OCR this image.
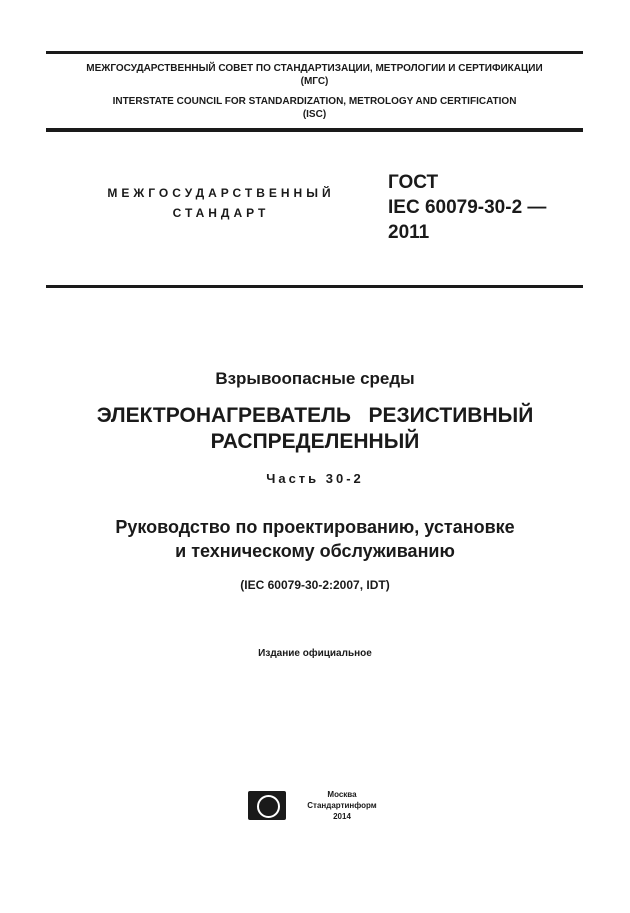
МЕЖГОСУДАРСТВЕННЫЙ СОВЕТ ПО СТАНДАРТИЗАЦИИ, МЕТРОЛОГИИ И СЕРТИФИКАЦИИ
(МГС)
INTERSTATE COUNCIL FOR STANDARDIZATION, METROLOGY AND CERTIFICATION
(ISC)
МЕЖГОСУДАРСТВЕННЫЙ
СТАНДАРТ
ГОСТ
IEC 60079-30-2 —
2011
Взрывоопасные среды
ЭЛЕКТРОНАГРЕВАТЕЛЬ   РЕЗИСТИВНЫЙ
РАСПРЕДЕЛЕННЫЙ
Часть 30-2
Руководство по проектированию, установке
и техническому обслуживанию
(IEC 60079-30-2:2007, IDT)
Издание официальное
Москва
Стандартинформ
2014
